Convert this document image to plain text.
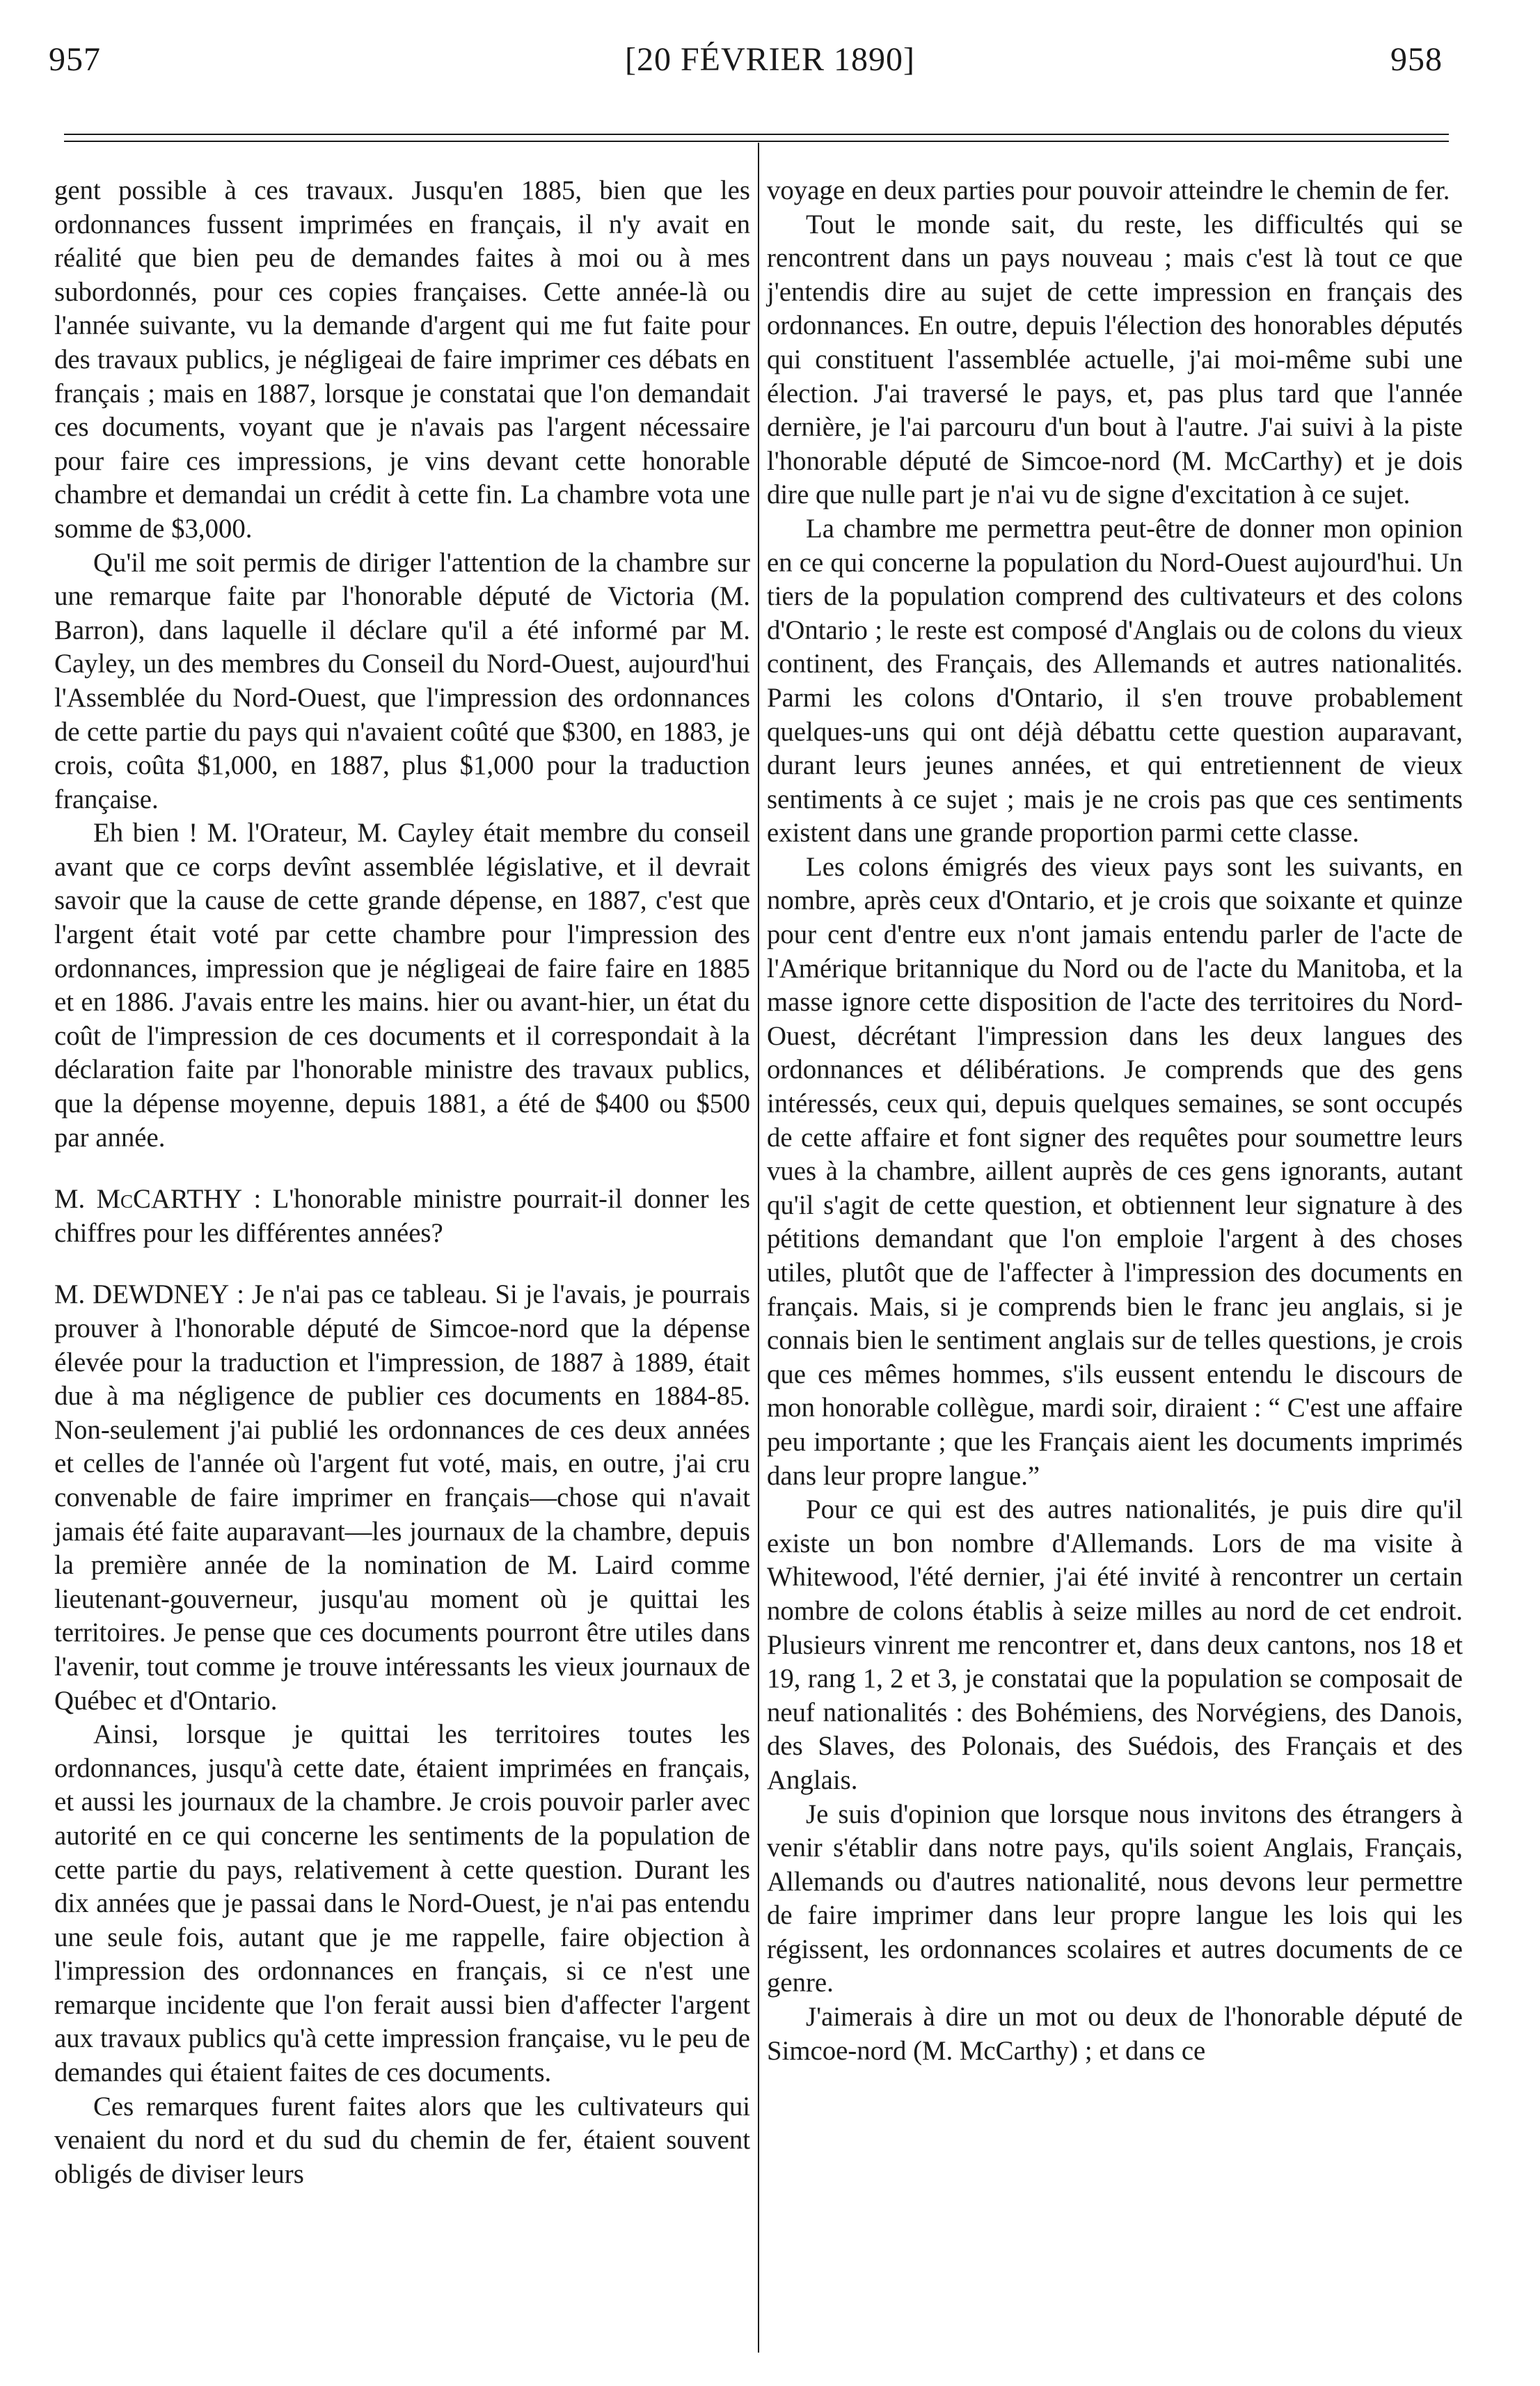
957	[20 FÉVRIER 1890]	958

gent possible à ces travaux. Jusqu'en 1885, bien que les ordonnances fussent imprimées en français, il n'y avait en réalité que bien peu de demandes faites à moi ou à mes subordonnés, pour ces copies françaises. Cette année-là ou l'année suivante, vu la demande d'argent qui me fut faite pour des travaux publics, je négligeai de faire imprimer ces débats en français ; mais en 1887, lorsque je constatai que l'on demandait ces documents, voyant que je n'avais pas l'argent nécessaire pour faire ces impressions, je vins devant cette honorable chambre et demandai un crédit à cette fin. La chambre vota une somme de $3,000.

Qu'il me soit permis de diriger l'attention de la chambre sur une remarque faite par l'honorable député de Victoria (M. Barron), dans laquelle il déclare qu'il a été informé par M. Cayley, un des membres du Conseil du Nord-Ouest, aujourd'hui l'Assemblée du Nord-Ouest, que l'impression des ordonnances de cette partie du pays qui n'avaient coûté que $300, en 1883, je crois, coûta $1,000, en 1887, plus $1,000 pour la traduction française.

Eh bien ! M. l'Orateur, M. Cayley était membre du conseil avant que ce corps devînt assemblée législative, et il devrait savoir que la cause de cette grande dépense, en 1887, c'est que l'argent était voté par cette chambre pour l'impression des ordonnances, impression que je négligeai de faire faire en 1885 et en 1886. J'avais entre les mains. hier ou avant-hier, un état du coût de l'impression de ces documents et il correspondait à la déclaration faite par l'honorable ministre des travaux publics, que la dépense moyenne, depuis 1881, a été de $400 ou $500 par année.

M. McCARTHY : L'honorable ministre pourrait-il donner les chiffres pour les différentes années?

M. DEWDNEY : Je n'ai pas ce tableau. Si je l'avais, je pourrais prouver à l'honorable député de Simcoe-nord que la dépense élevée pour la traduction et l'impression, de 1887 à 1889, était due à ma négligence de publier ces documents en 1884-85. Non-seulement j'ai publié les ordonnances de ces deux années et celles de l'année où l'argent fut voté, mais, en outre, j'ai cru convenable de faire imprimer en français—chose qui n'avait jamais été faite auparavant—les journaux de la chambre, depuis la première année de la nomination de M. Laird comme lieutenant-gouverneur, jusqu'au moment où je quittai les territoires. Je pense que ces documents pourront être utiles dans l'avenir, tout comme je trouve intéressants les vieux journaux de Québec et d'Ontario.

Ainsi, lorsque je quittai les territoires toutes les ordonnances, jusqu'à cette date, étaient imprimées en français, et aussi les journaux de la chambre. Je crois pouvoir parler avec autorité en ce qui concerne les sentiments de la population de cette partie du pays, relativement à cette question. Durant les dix années que je passai dans le Nord-Ouest, je n'ai pas entendu une seule fois, autant que je me rappelle, faire objection à l'impression des ordonnances en français, si ce n'est une remarque incidente que l'on ferait aussi bien d'affecter l'argent aux travaux publics qu'à cette impression française, vu le peu de demandes qui étaient faites de ces documents.

Ces remarques furent faites alors que les cultivateurs qui venaient du nord et du sud du chemin de fer, étaient souvent obligés de diviser leurs

voyage en deux parties pour pouvoir atteindre le chemin de fer.

Tout le monde sait, du reste, les difficultés qui se rencontrent dans un pays nouveau ; mais c'est là tout ce que j'entendis dire au sujet de cette impression en français des ordonnances. En outre, depuis l'élection des honorables députés qui constituent l'assemblée actuelle, j'ai moi-même subi une élection. J'ai traversé le pays, et, pas plus tard que l'année dernière, je l'ai parcouru d'un bout à l'autre. J'ai suivi à la piste l'honorable député de Simcoe-nord (M. McCarthy) et je dois dire que nulle part je n'ai vu de signe d'excitation à ce sujet.

La chambre me permettra peut-être de donner mon opinion en ce qui concerne la population du Nord-Ouest aujourd'hui. Un tiers de la population comprend des cultivateurs et des colons d'Ontario ; le reste est composé d'Anglais ou de colons du vieux continent, des Français, des Allemands et autres nationalités. Parmi les colons d'Ontario, il s'en trouve probablement quelques-uns qui ont déjà débattu cette question auparavant, durant leurs jeunes années, et qui entretiennent de vieux sentiments à ce sujet ; mais je ne crois pas que ces sentiments existent dans une grande proportion parmi cette classe.

Les colons émigrés des vieux pays sont les suivants, en nombre, après ceux d'Ontario, et je crois que soixante et quinze pour cent d'entre eux n'ont jamais entendu parler de l'acte de l'Amérique britannique du Nord ou de l'acte du Manitoba, et la masse ignore cette disposition de l'acte des territoires du Nord-Ouest, décrétant l'impression dans les deux langues des ordonnances et délibérations. Je comprends que des gens intéressés, ceux qui, depuis quelques semaines, se sont occupés de cette affaire et font signer des requêtes pour soumettre leurs vues à la chambre, aillent auprès de ces gens ignorants, autant qu'il s'agit de cette question, et obtiennent leur signature à des pétitions demandant que l'on emploie l'argent à des choses utiles, plutôt que de l'affecter à l'impression des documents en français. Mais, si je comprends bien le franc jeu anglais, si je connais bien le sentiment anglais sur de telles questions, je crois que ces mêmes hommes, s'ils eussent entendu le discours de mon honorable collègue, mardi soir, diraient : “ C'est une affaire peu importante ; que les Français aient les documents imprimés dans leur propre langue.”

Pour ce qui est des autres nationalités, je puis dire qu'il existe un bon nombre d'Allemands. Lors de ma visite à Whitewood, l'été dernier, j'ai été invité à rencontrer un certain nombre de colons établis à seize milles au nord de cet endroit. Plusieurs vinrent me rencontrer et, dans deux cantons, nos 18 et 19, rang 1, 2 et 3, je constatai que la population se composait de neuf nationalités : des Bohémiens, des Norvégiens, des Danois, des Slaves, des Polonais, des Suédois, des Français et des Anglais.

Je suis d'opinion que lorsque nous invitons des étrangers à venir s'établir dans notre pays, qu'ils soient Anglais, Français, Allemands ou d'autres nationalité, nous devons leur permettre de faire imprimer dans leur propre langue les lois qui les régissent, les ordonnances scolaires et autres documents de ce genre.

J'aimerais à dire un mot ou deux de l'honorable député de Simcoe-nord (M. McCarthy) ; et dans ce
